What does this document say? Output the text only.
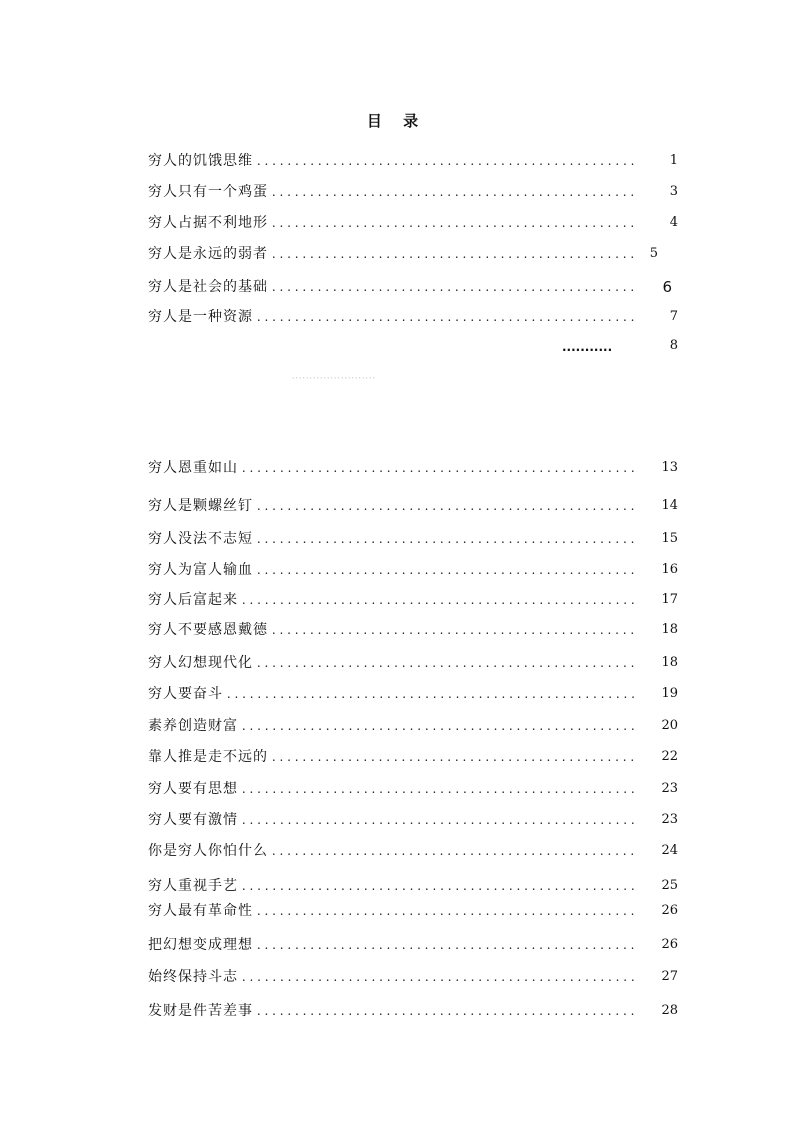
目 录
穷人的饥饿思维 . . .	1
穷人只有一个鸡蛋 . . .	3
穷人占据不利地形 . . .	4
穷人是永远的弱者 . . .	5
穷人是社会的基础 . . .	6
穷人是一种资源 . . .	7
...........	8
ˎˎˎˎˎˎˎˎˎˎˎˎˎˎˎˎˎˎˎˎˎˎˎˎ
穷人恩重如山 . . .	13
穷人是颗螺丝钉 . . .	14
穷人没法不志短 . . .	15
穷人为富人输血 . . .	16
穷人后富起来 . . .	17
穷人不要感恩戴德 . . .	18
穷人幻想现代化 . . .	18
穷人要奋斗 . . .	19
素养创造财富 . . .	20
靠人推是走不远的 . . .	22
穷人要有思想 . . .	23
穷人要有激情 . . .	23
你是穷人你怕什么 . . .	24
穷人重视手艺 . . .	25
穷人最有革命性 . . .	26
把幻想变成理想 . . .	26
始终保持斗志 . . .	27
发财是件苦差事 . . .	28
